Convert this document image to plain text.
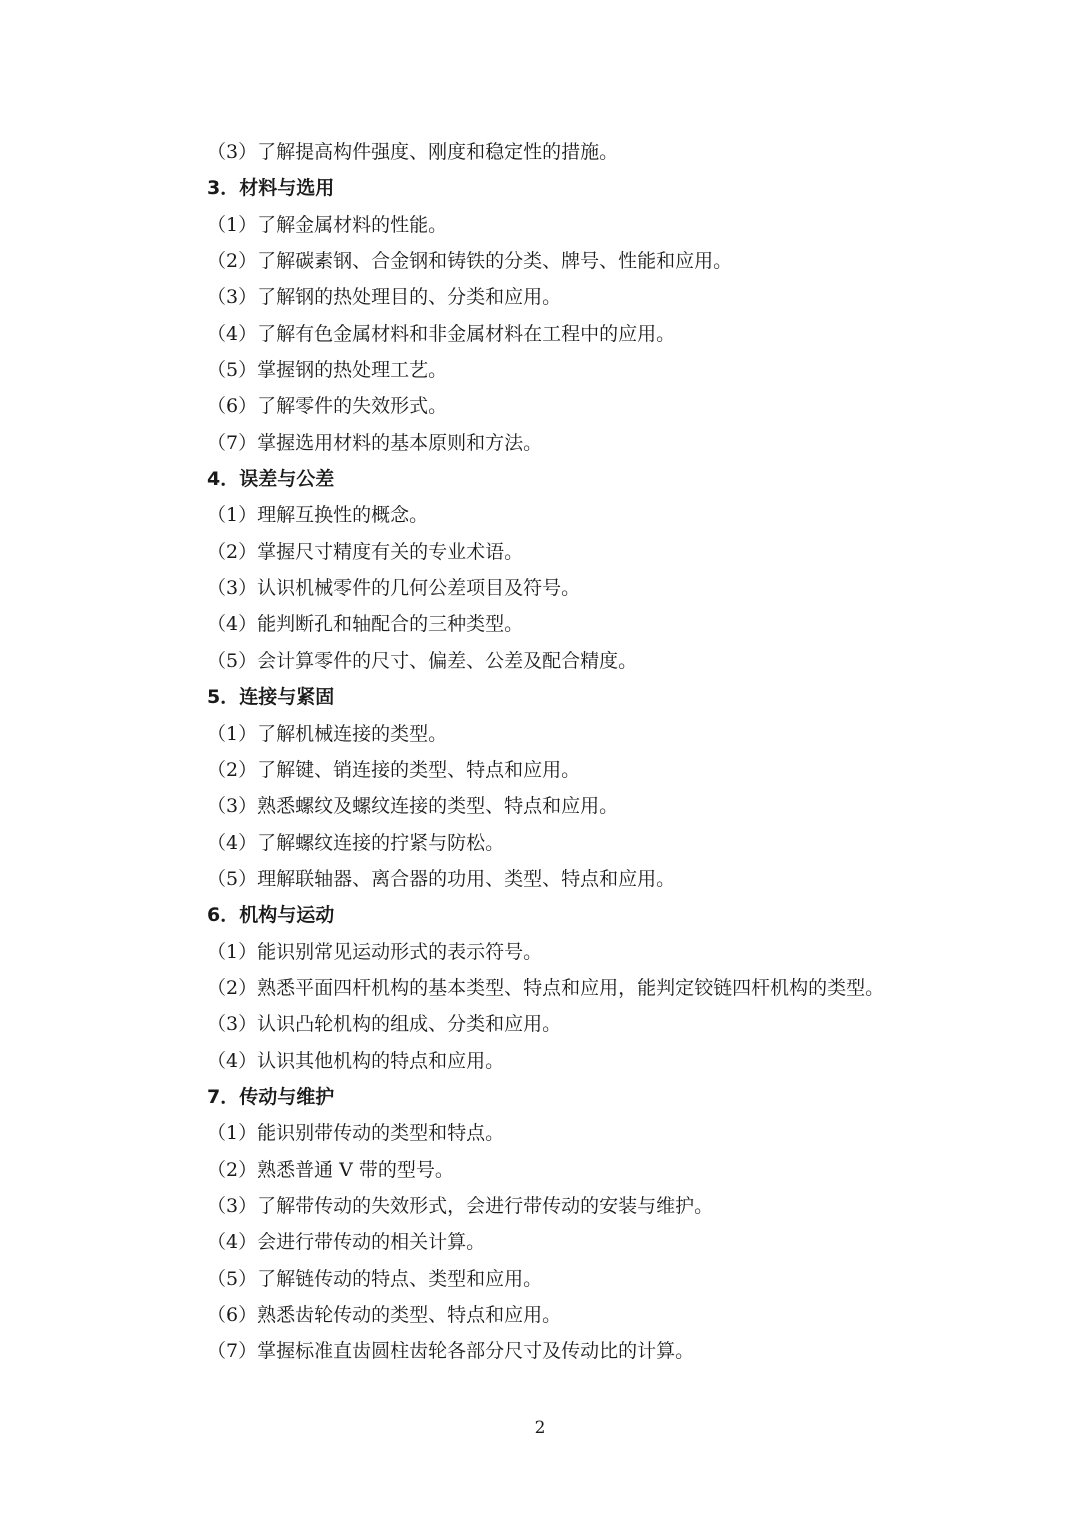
（3）了解提高构件强度、刚度和稳定性的措施。
3．材料与选用
（1）了解金属材料的性能。
（2）了解碳素钢、合金钢和铸铁的分类、牌号、性能和应用。
（3）了解钢的热处理目的、分类和应用。
（4）了解有色金属材料和非金属材料在工程中的应用。
（5）掌握钢的热处理工艺。
（6）了解零件的失效形式。
（7）掌握选用材料的基本原则和方法。
4．误差与公差
（1）理解互换性的概念。
（2）掌握尺寸精度有关的专业术语。
（3）认识机械零件的几何公差项目及符号。
（4）能判断孔和轴配合的三种类型。
（5）会计算零件的尺寸、偏差、公差及配合精度。
5．连接与紧固
（1）了解机械连接的类型。
（2）了解键、销连接的类型、特点和应用。
（3）熟悉螺纹及螺纹连接的类型、特点和应用。
（4）了解螺纹连接的拧紧与防松。
（5）理解联轴器、离合器的功用、类型、特点和应用。
6．机构与运动
（1）能识别常见运动形式的表示符号。
（2）熟悉平面四杆机构的基本类型、特点和应用，能判定铰链四杆机构的类型。
（3）认识凸轮机构的组成、分类和应用。
（4）认识其他机构的特点和应用。
7．传动与维护
（1）能识别带传动的类型和特点。
（2）熟悉普通 V 带的型号。
（3）了解带传动的失效形式，会进行带传动的安装与维护。
（4）会进行带传动的相关计算。
（5）了解链传动的特点、类型和应用。
（6）熟悉齿轮传动的类型、特点和应用。
（7）掌握标准直齿圆柱齿轮各部分尺寸及传动比的计算。
2
